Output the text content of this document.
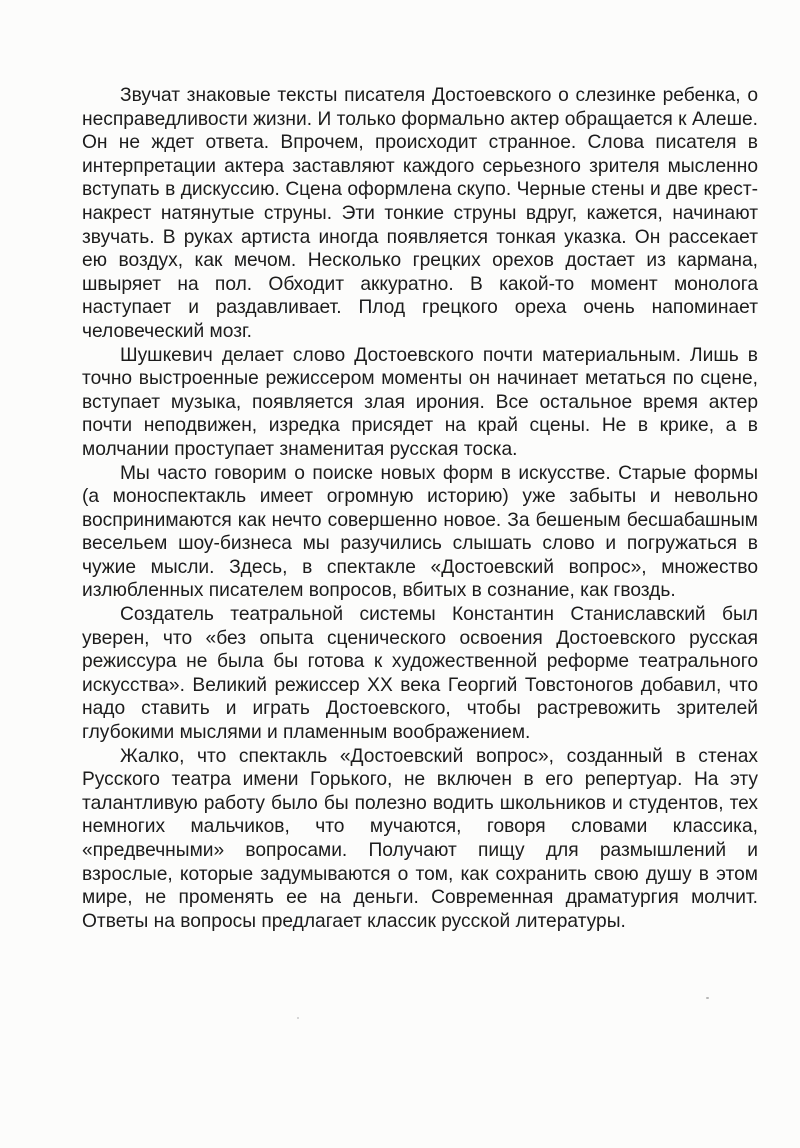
Звучат знаковые тексты писателя Достоевского о слезинке ребенка, о несправедливости жизни. И только формально актер обращается к Алеше. Он не ждет ответа. Впрочем, происходит странное. Слова писателя в интерпретации актера заставляют каждого серьезного зрителя мысленно вступать в дискуссию. Сцена оформлена скупо. Черные стены и две крест-накрест натянутые струны. Эти тонкие струны вдруг, кажется, начинают звучать. В руках артиста иногда появляется тонкая указка. Он рассекает ею воздух, как мечом. Несколько грецких орехов достает из кармана, швыряет на пол. Обходит аккуратно. В какой-то момент монолога наступает и раздавливает. Плод грецкого ореха очень напоминает человеческий мозг.

Шушкевич делает слово Достоевского почти материальным. Лишь в точно выстроенные режиссером моменты он начинает метаться по сцене, вступает музыка, появляется злая ирония. Все остальное время актер почти неподвижен, изредка присядет на край сцены. Не в крике, а в молчании проступает знаменитая русская тоска.

Мы часто говорим о поиске новых форм в искусстве. Старые формы (а моноспектакль имеет огромную историю) уже забыты и невольно воспринимаются как нечто совершенно новое. За бешеным бесшабашным весельем шоу-бизнеса мы разучились слышать слово и погружаться в чужие мысли. Здесь, в спектакле «Достоевский вопрос», множество излюбленных писателем вопросов, вбитых в сознание, как гвоздь.

Создатель театральной системы Константин Станиславский был уверен, что «без опыта сценического освоения Достоевского русская режиссура не была бы готова к художественной реформе театрального искусства». Великий режиссер XX века Георгий Товстоногов добавил, что надо ставить и играть Достоевского, чтобы растревожить зрителей глубокими мыслями и пламенным воображением.

Жалко, что спектакль «Достоевский вопрос», созданный в стенах Русского театра имени Горького, не включен в его репертуар. На эту талантливую работу было бы полезно водить школьников и студентов, тех немногих мальчиков, что мучаются, говоря словами классика, «предвечными» вопросами. Получают пищу для размышлений и взрослые, которые задумываются о том, как сохранить свою душу в этом мире, не променять ее на деньги. Современная драматургия молчит. Ответы на вопросы предлагает классик русской литературы.
